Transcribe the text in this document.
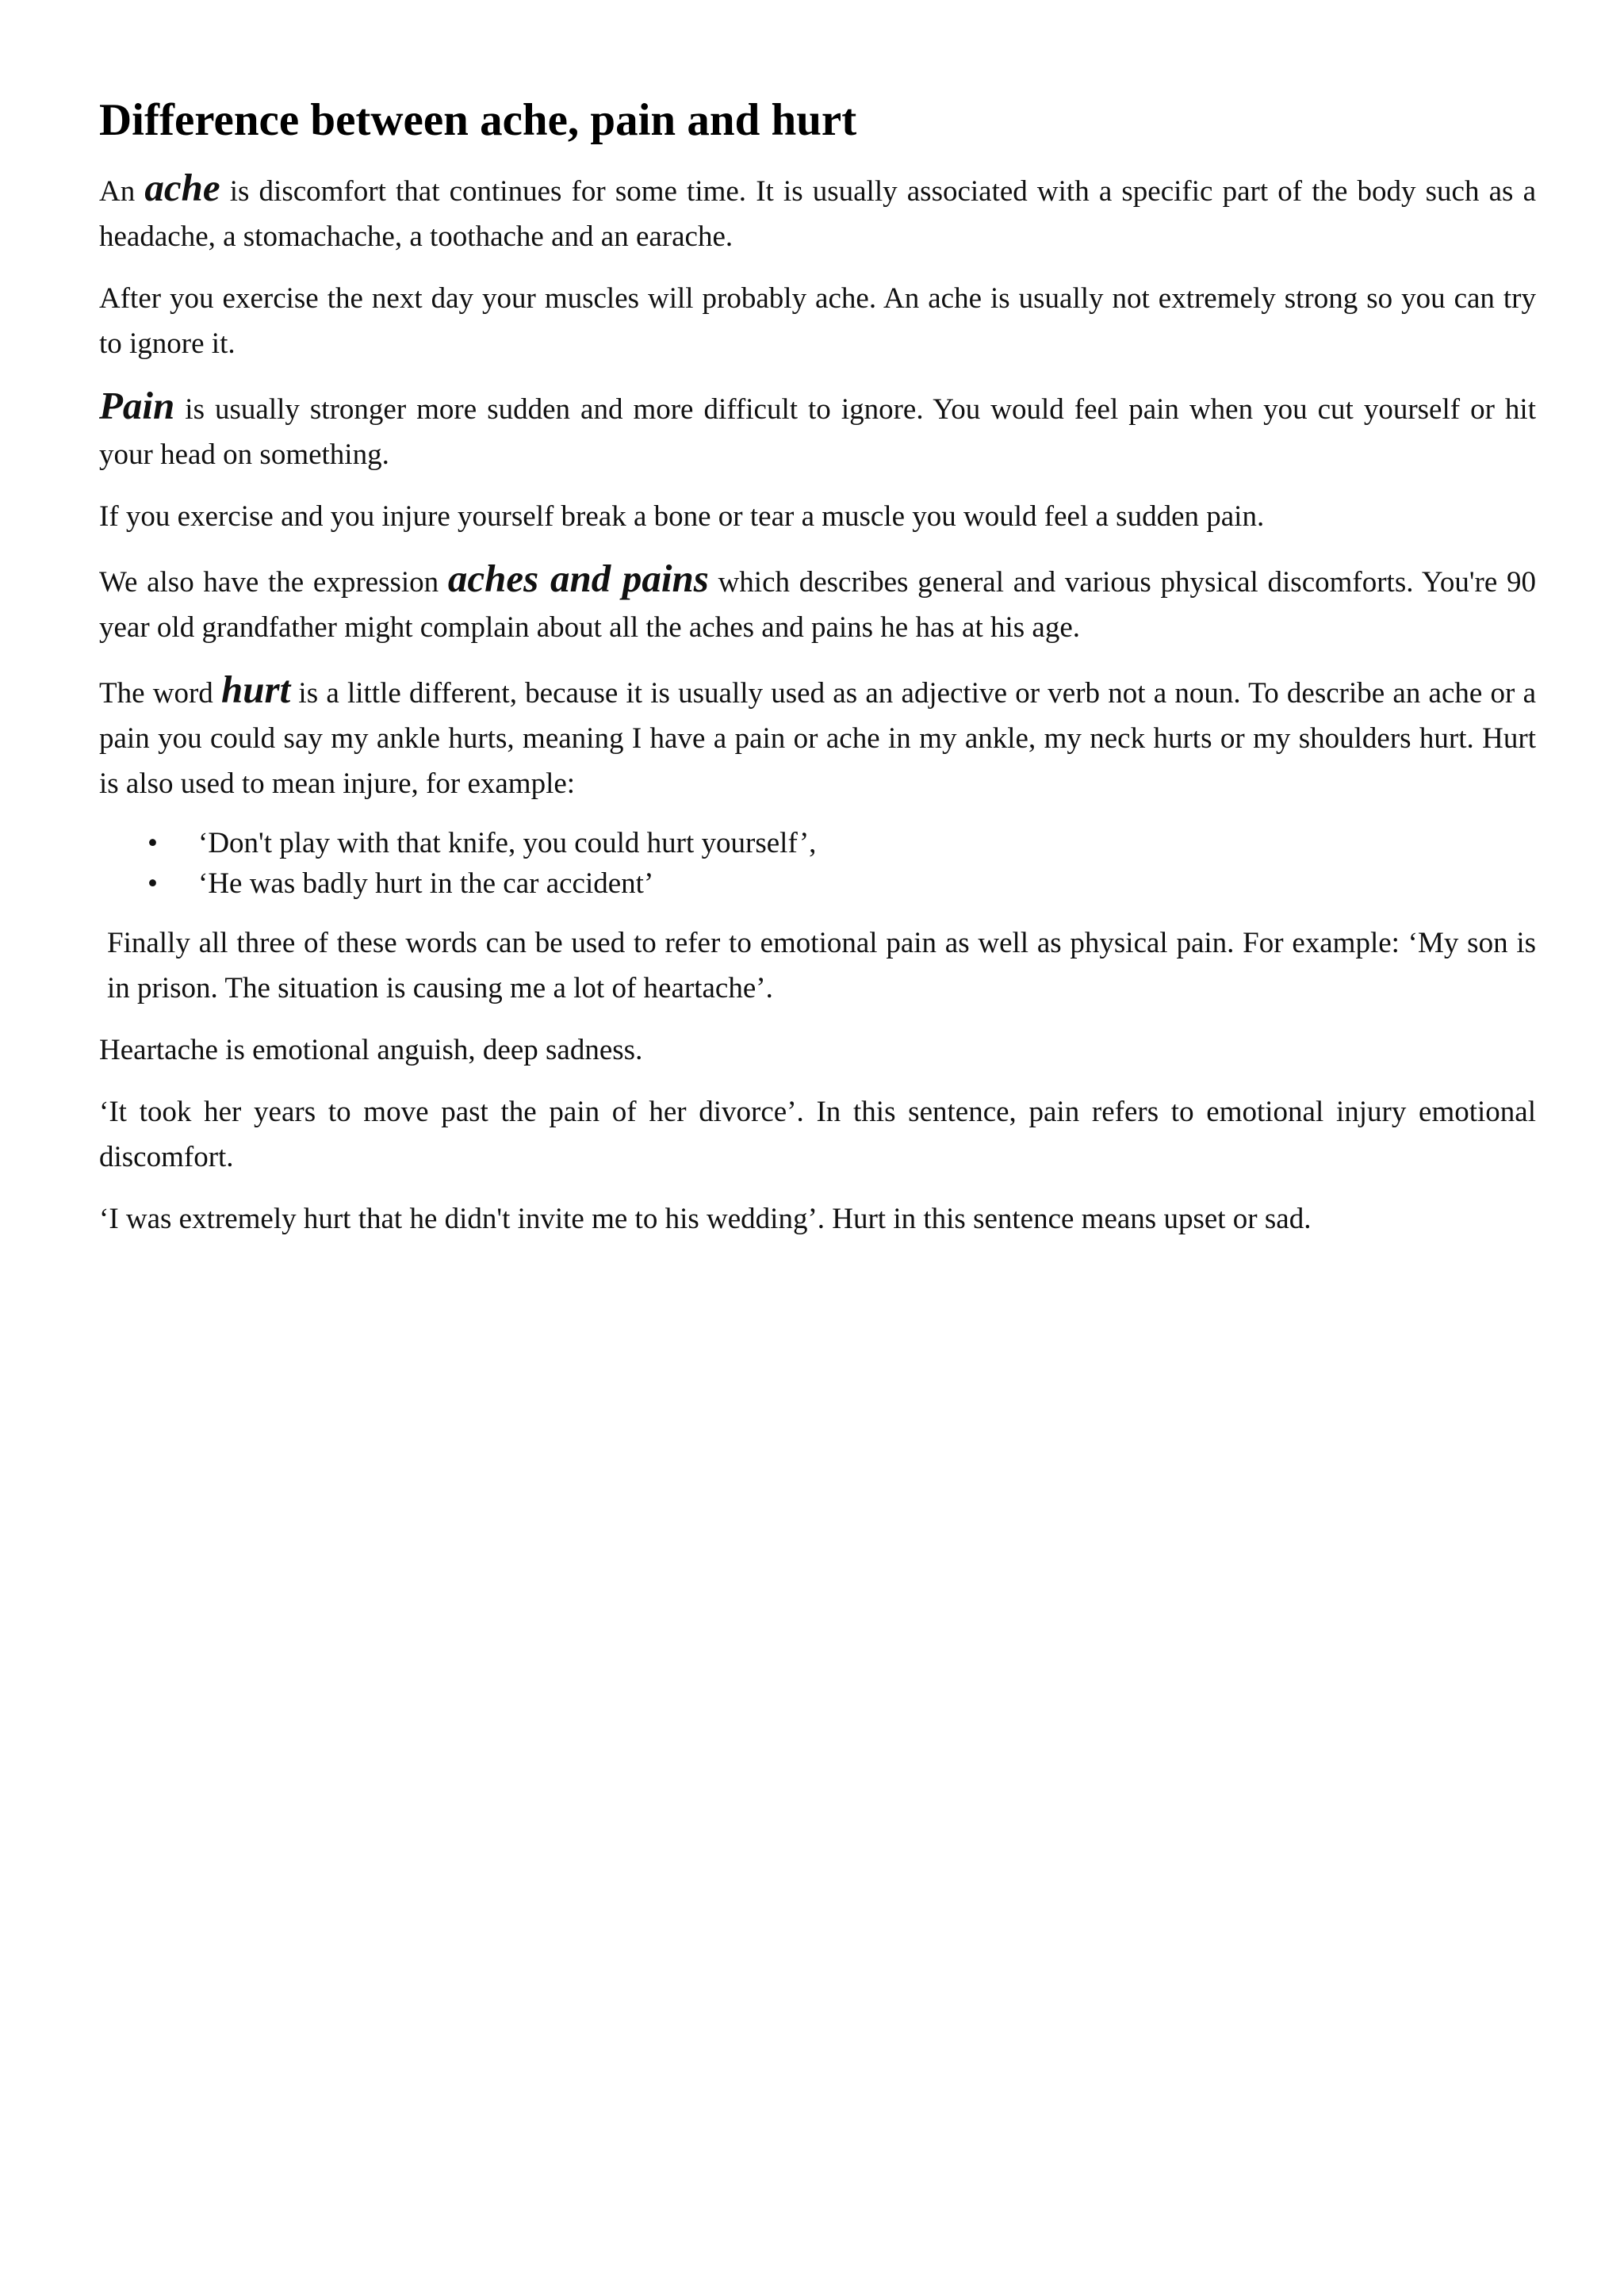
Difference between ache, pain and hurt

An ache is discomfort that continues for some time. It is usually associated with a specific part of the body such as a headache, a stomachache, a toothache and an earache.

After you exercise the next day your muscles will probably ache. An ache is usually not extremely strong so you can try to ignore it.

Pain is usually stronger more sudden and more difficult to ignore. You would feel pain when you cut yourself or hit your head on something.

If you exercise and you injure yourself break a bone or tear a muscle you would feel a sudden pain.

We also have the expression aches and pains which describes general and various physical discomforts. You're 90 year old grandfather might complain about all the aches and pains he has at his age.

The word hurt is a little different, because it is usually used as an adjective or verb not a noun. To describe an ache or a pain you could say my ankle hurts, meaning I have a pain or ache in my ankle, my neck hurts or my shoulders hurt. Hurt is also used to mean injure, for example:

• ‘Don't play with that knife, you could hurt yourself’,
• ‘He was badly hurt in the car accident’

Finally all three of these words can be used to refer to emotional pain as well as physical pain. For example: ‘My son is in prison. The situation is causing me a lot of heartache’.

Heartache is emotional anguish, deep sadness.

‘It took her years to move past the pain of her divorce’. In this sentence, pain refers to emotional injury emotional discomfort.

‘I was extremely hurt that he didn't invite me to his wedding’. Hurt in this sentence means upset or sad.
